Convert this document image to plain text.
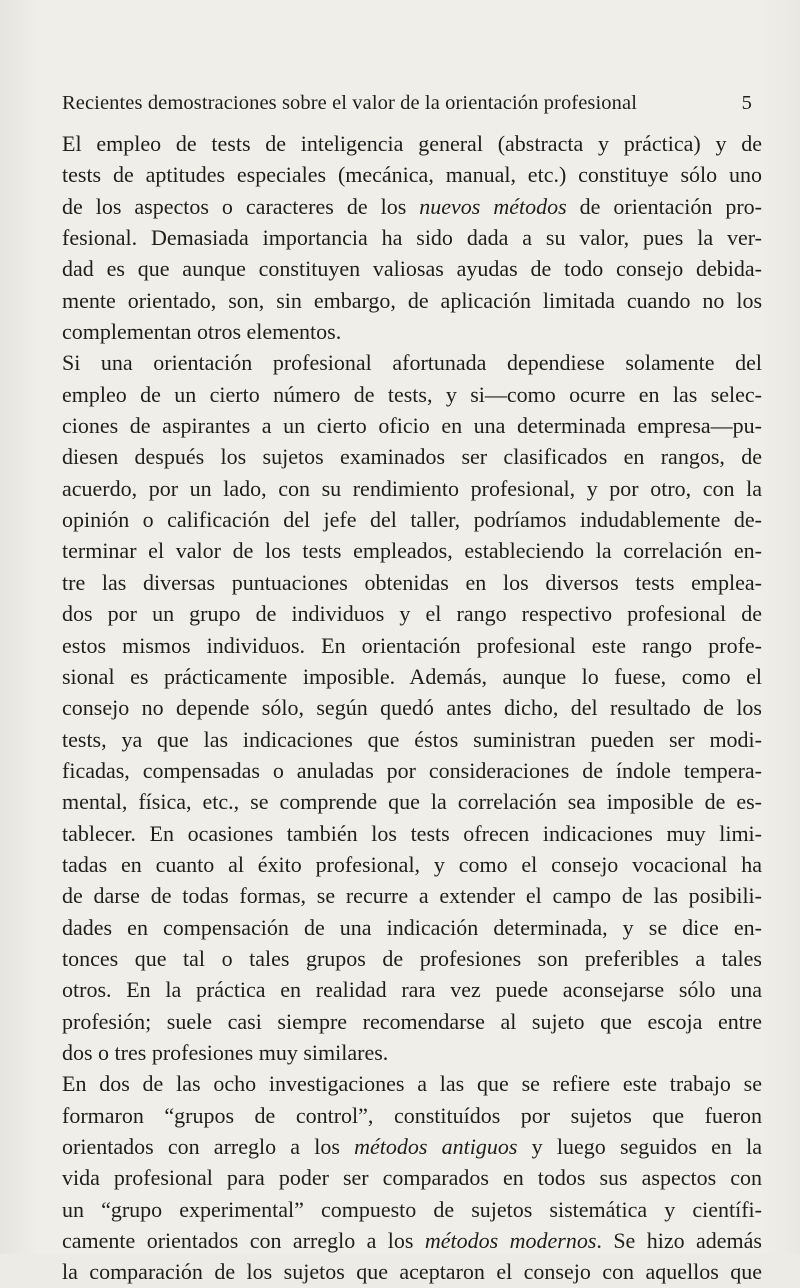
Recientes demostraciones sobre el valor de la orientación profesional	5
El empleo de tests de inteligencia general (abstracta y práctica) y de
tests de aptitudes especiales (mecánica, manual, etc.) constituye sólo uno
de los aspectos o caracteres de los nuevos métodos de orientación pro-
fesional. Demasiada importancia ha sido dada a su valor, pues la ver-
dad es que aunque constituyen valiosas ayudas de todo consejo debida-
mente orientado, son, sin embargo, de aplicación limitada cuando no los
complementan otros elementos.
Si una orientación profesional afortunada dependiese solamente del
empleo de un cierto número de tests, y si—como ocurre en las selec-
ciones de aspirantes a un cierto oficio en una determinada empresa—pu-
diesen después los sujetos examinados ser clasificados en rangos, de
acuerdo, por un lado, con su rendimiento profesional, y por otro, con la
opinión o calificación del jefe del taller, podríamos indudablemente de-
terminar el valor de los tests empleados, estableciendo la correlación en-
tre las diversas puntuaciones obtenidas en los diversos tests emplea-
dos por un grupo de individuos y el rango respectivo profesional de
estos mismos individuos. En orientación profesional este rango profe-
sional es prácticamente imposible. Además, aunque lo fuese, como el
consejo no depende sólo, según quedó antes dicho, del resultado de los
tests, ya que las indicaciones que éstos suministran pueden ser modi-
ficadas, compensadas o anuladas por consideraciones de índole tempera-
mental, física, etc., se comprende que la correlación sea imposible de es-
tablecer. En ocasiones también los tests ofrecen indicaciones muy limi-
tadas en cuanto al éxito profesional, y como el consejo vocacional ha
de darse de todas formas, se recurre a extender el campo de las posibili-
dades en compensación de una indicación determinada, y se dice en-
tonces que tal o tales grupos de profesiones son preferibles a tales
otros. En la práctica en realidad rara vez puede aconsejarse sólo una
profesión; suele casi siempre recomendarse al sujeto que escoja entre
dos o tres profesiones muy similares.
En dos de las ocho investigaciones a las que se refiere este trabajo se
formaron “grupos de control”, constituídos por sujetos que fueron
orientados con arreglo a los métodos antiguos y luego seguidos en la
vida profesional para poder ser comparados en todos sus aspectos con
un “grupo experimental” compuesto de sujetos sistemática y científi-
camente orientados con arreglo a los métodos modernos. Se hizo además
la comparación de los sujetos que aceptaron el consejo con aquellos que
